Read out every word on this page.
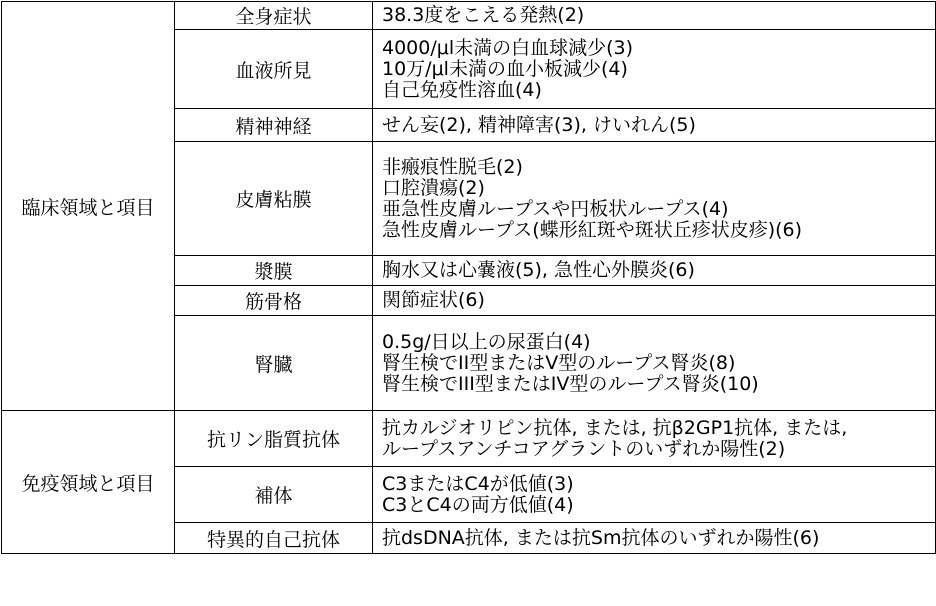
臨床領域と項目	全身症状	38.3度をこえる発熱(2)

	血液所見	4000/μl未満の白血球減少(3)
10万/μl未満の血小板減少(4)
自己免疫性溶血(4)

	精神神経	せん妄(2), 精神障害(3), けいれん(5)

	皮膚粘膜	非瘢痕性脱毛(2)
口腔潰瘍(2)
亜急性皮膚ループスや円板状ループス(4)
急性皮膚ループス(蝶形紅斑や斑状丘疹状皮疹)(6)

	漿膜	胸水又は心嚢液(5), 急性心外膜炎(6)

	筋骨格	関節症状(6)

	腎臓	0.5g/日以上の尿蛋白(4)
腎生検でII型またはV型のループス腎炎(8)
腎生検でIII型またはIV型のループス腎炎(10)

免疫領域と項目	抗リン脂質抗体	抗カルジオリピン抗体, または, 抗β2GP1抗体, または,
ループスアンチコアグラントのいずれか陽性(2)

	補体	C3またはC4が低値(3)
C3とC4の両方低値(4)

	特異的自己抗体	抗dsDNA抗体, または抗Sm抗体のいずれか陽性(6)
